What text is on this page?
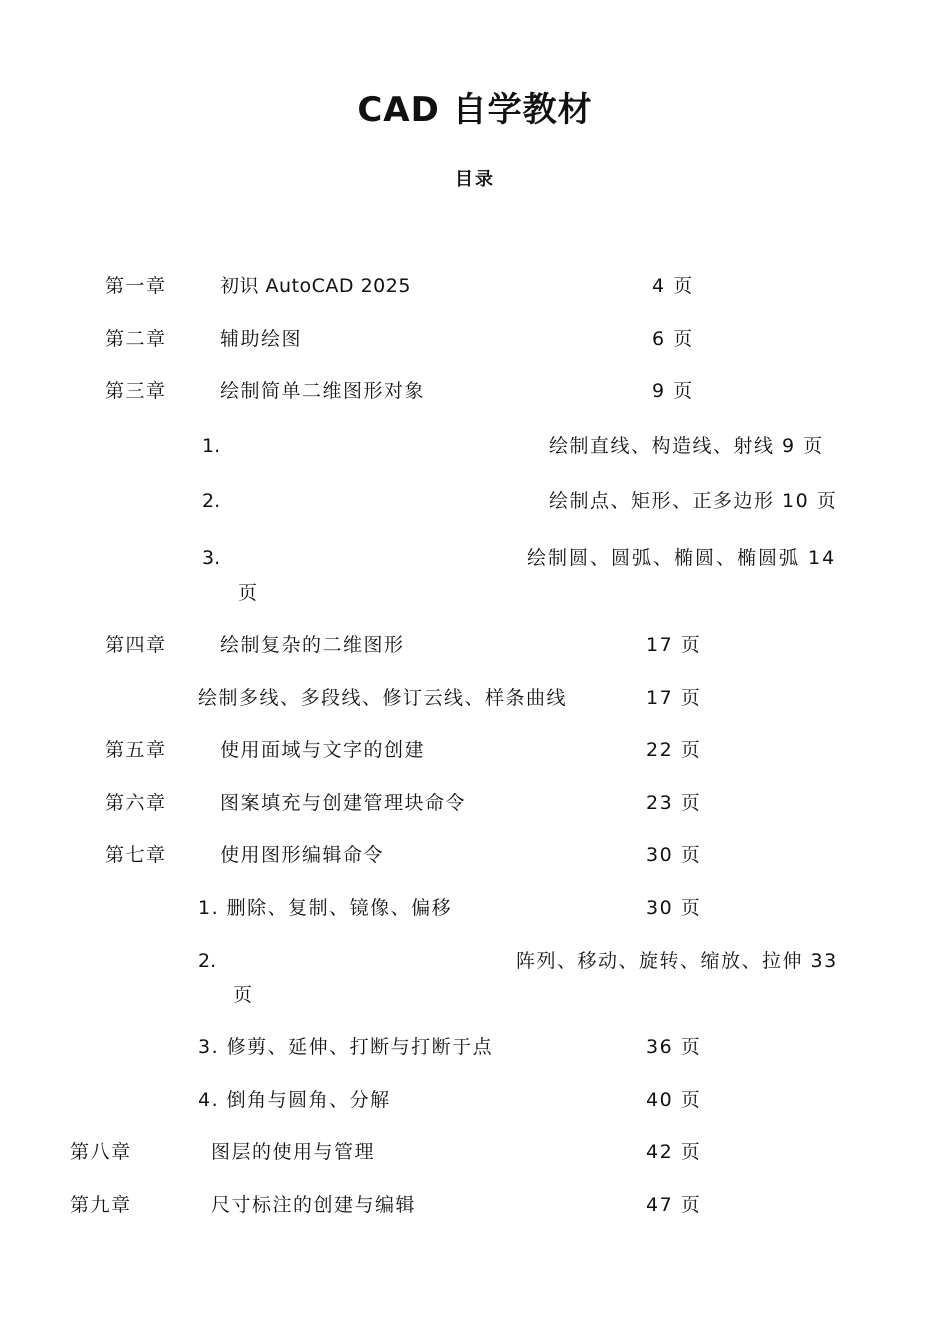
CAD 自学教材
目录
第一章	初识 AutoCAD 2025	4 页
第二章	辅助绘图	6 页
第三章	绘制简单二维图形对象	9 页
1.	绘制直线、构造线、射线 9 页
2.	绘制点、矩形、正多边形 10 页
3.	绘制圆、圆弧、椭圆、椭圆弧 14
页
第四章	绘制复杂的二维图形	17 页
绘制多线、多段线、修订云线、样条曲线	17 页
第五章	使用面域与文字的创建	22 页
第六章	图案填充与创建管理块命令	23 页
第七章	使用图形编辑命令	30 页
1. 删除、复制、镜像、偏移	30 页
2.	阵列、移动、旋转、缩放、拉伸 33
页
3. 修剪、延伸、打断与打断于点	36 页
4. 倒角与圆角、分解	40 页
第八章	图层的使用与管理	42 页
第九章	尺寸标注的创建与编辑	47 页
